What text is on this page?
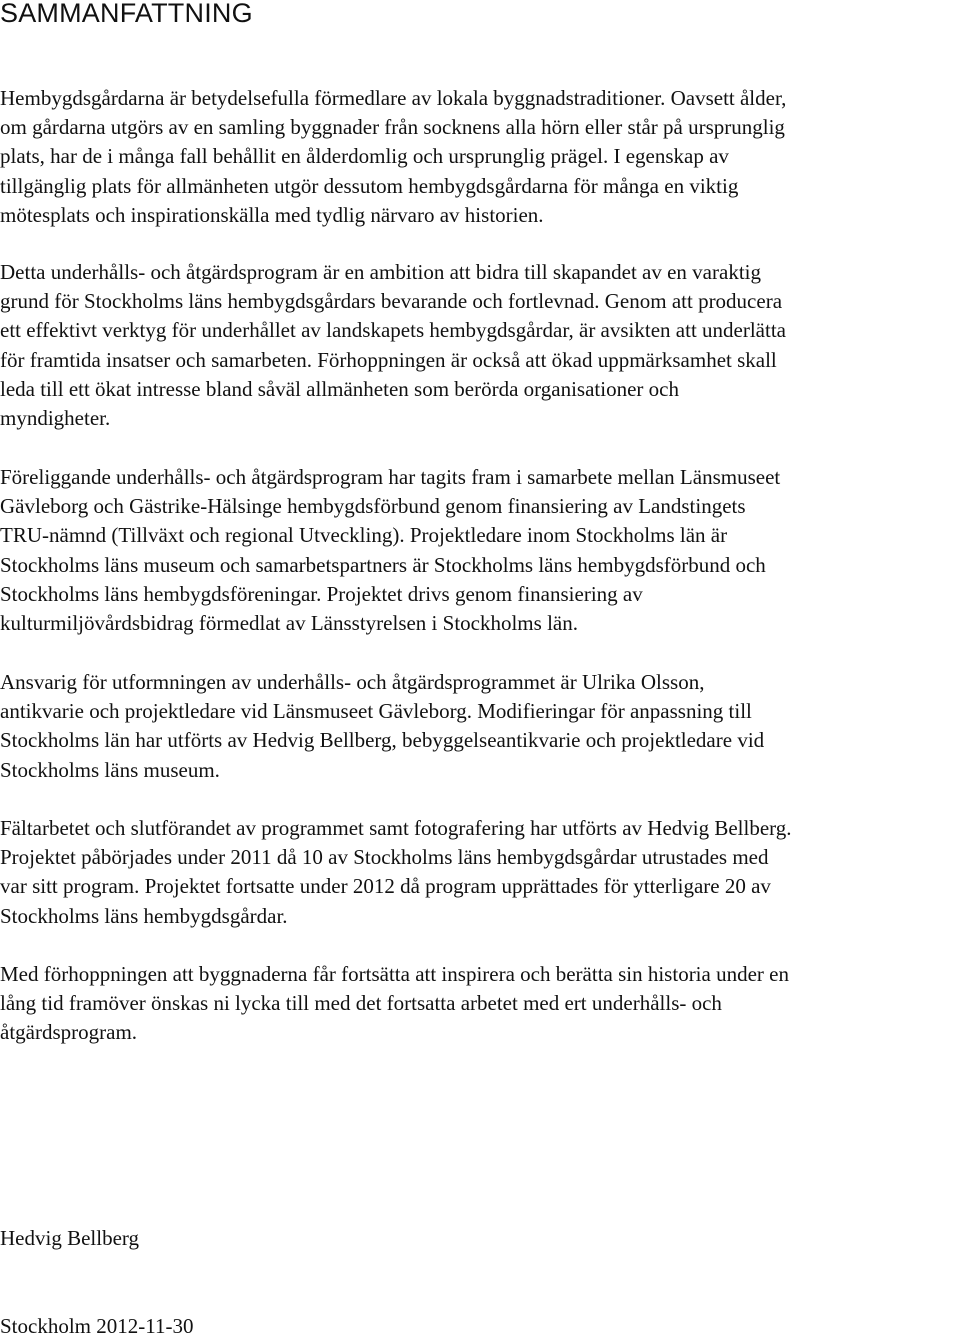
SAMMANFATTNING

Hembygdsgårdarna är betydelsefulla förmedlare av lokala byggnadstraditioner. Oavsett ålder,
om gårdarna utgörs av en samling byggnader från socknens alla hörn eller står på ursprunglig
plats, har de i många fall behållit en ålderdomlig och ursprunglig prägel. I egenskap av
tillgänglig plats för allmänheten utgör dessutom hembygdsgårdarna för många en viktig
mötesplats och inspirationskälla med tydlig närvaro av historien.

Detta underhålls- och åtgärdsprogram är en ambition att bidra till skapandet av en varaktig
grund för Stockholms läns hembygdsgårdars bevarande och fortlevnad. Genom att producera
ett effektivt verktyg för underhållet av landskapets hembygdsgårdar, är avsikten att underlätta
för framtida insatser och samarbeten. Förhoppningen är också att ökad uppmärksamhet skall
leda till ett ökat intresse bland såväl allmänheten som berörda organisationer och
myndigheter.

Föreliggande underhålls- och åtgärdsprogram har tagits fram i samarbete mellan Länsmuseet
Gävleborg och Gästrike-Hälsinge hembygdsförbund genom finansiering av Landstingets
TRU-nämnd (Tillväxt och regional Utveckling). Projektledare inom Stockholms län är
Stockholms läns museum och samarbetspartners är Stockholms läns hembygdsförbund och
Stockholms läns hembygdsföreningar. Projektet drivs genom finansiering av
kulturmiljövårdsbidrag förmedlat av Länsstyrelsen i Stockholms län.

Ansvarig för utformningen av underhålls- och åtgärdsprogrammet är Ulrika Olsson,
antikvarie och projektledare vid Länsmuseet Gävleborg. Modifieringar för anpassning till
Stockholms län har utförts av Hedvig Bellberg, bebyggelseantikvarie och projektledare vid
Stockholms läns museum.

Fältarbetet och slutförandet av programmet samt fotografering har utförts av Hedvig Bellberg.
Projektet påbörjades under 2011 då 10 av Stockholms läns hembygdsgårdar utrustades med
var sitt program. Projektet fortsatte under 2012 då program upprättades för ytterligare 20 av
Stockholms läns hembygdsgårdar.

Med förhoppningen att byggnaderna får fortsätta att inspirera och berätta sin historia under en
lång tid framöver önskas ni lycka till med det fortsatta arbetet med ert underhålls- och
åtgärdsprogram.

Hedvig Bellberg

Stockholm 2012-11-30
